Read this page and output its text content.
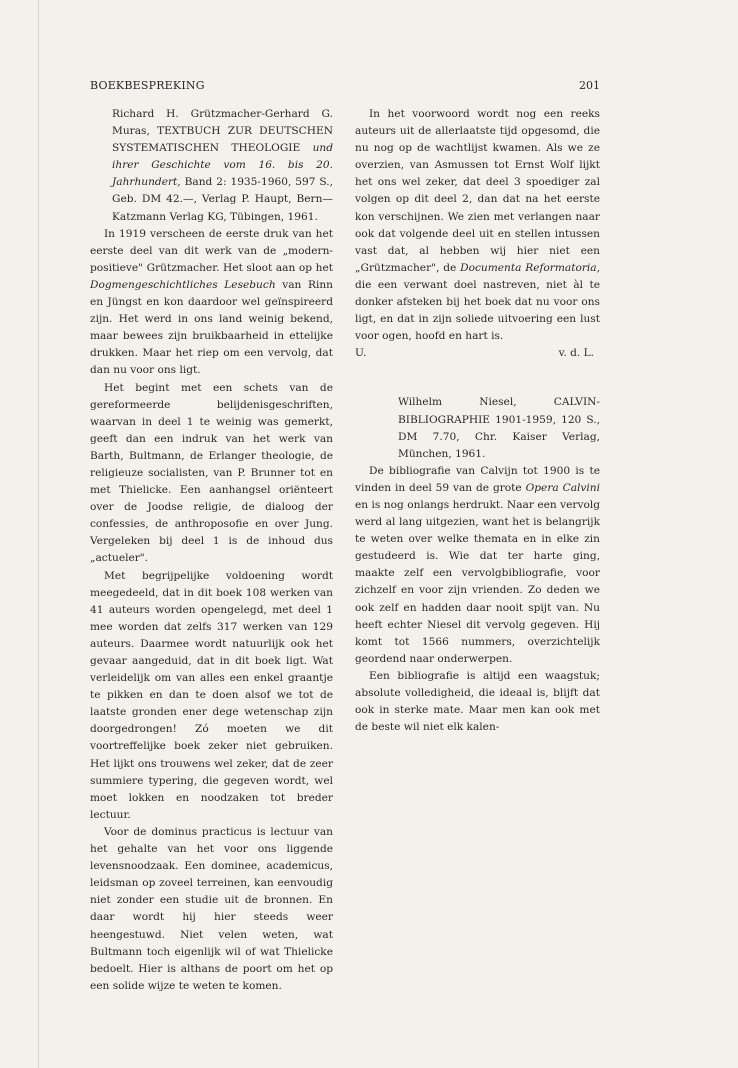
BOEKBESPREKING	201
Richard H. Grützmacher-Gerhard G. Muras, TEXTBUCH ZUR DEUTSCHEN SYSTEMATISCHEN THEOLOGIE und ihrer Geschichte vom 16. bis 20. Jahrhundert, Band 2: 1935-1960, 597 S., Geb. DM 42.—, Verlag P. Haupt, Bern—Katzmann Verlag KG, Tübingen, 1961.

In 1919 verscheen de eerste druk van het eerste deel van dit werk van de „modern-positieve" Grützmacher. Het sloot aan op het Dogmengeschichtliches Lesebuch van Rinn en Jüngst en kon daardoor wel geïnspireerd zijn. Het werd in ons land weinig bekend, maar bewees zijn bruikbaarheid in ettelijke drukken. Maar het riep om een vervolg, dat dan nu voor ons ligt.

Het begint met een schets van de gereformeerde belijdenisgeschriften, waarvan in deel 1 te weinig was gemerkt, geeft dan een indruk van het werk van Barth, Bultmann, de Erlanger theologie, de religieuze socialisten, van P. Brunner tot en met Thielicke. Een aanhangsel oriënteert over de Joodse religie, de dialoog der confessies, de anthroposofie en over Jung. Vergeleken bij deel 1 is de inhoud dus „actueler".

Met begrijpelijke voldoening wordt meegedeeld, dat in dit boek 108 werken van 41 auteurs worden opengelegd, met deel 1 mee worden dat zelfs 317 werken van 129 auteurs. Daarmee wordt natuurlijk ook het gevaar aangeduid, dat in dit boek ligt. Wat verleidelijk om van alles een enkel graantje te pikken en dan te doen alsof we tot de laatste gronden ener dege wetenschap zijn doorgedrongen! Zó moeten we dit voortreffelijke boek zeker niet gebruiken. Het lijkt ons trouwens wel zeker, dat de zeer summiere typering, die gegeven wordt, wel moet lokken en noodzaken tot breder lectuur.

Voor de dominus practicus is lectuur van het gehalte van het voor ons liggende levensnoodzaak. Een dominee, academicus, leidsman op zoveel terreinen, kan eenvoudig niet zonder een studie uit de bronnen. En daar wordt hij hier steeds weer heengestuwd. Niet velen weten, wat Bultmann toch eigenlijk wil of wat Thielicke bedoelt. Hier is althans de poort om het op een solide wijze te weten te komen.

In het voorwoord wordt nog een reeks auteurs uit de allerlaatste tijd opgesomd, die nu nog op de wachtlijst kwamen. Als we ze overzien, van Asmussen tot Ernst Wolf lijkt het ons wel zeker, dat deel 3 spoediger zal volgen op dit deel 2, dan dat na het eerste kon verschijnen. We zien met verlangen naar ook dat volgende deel uit en stellen intussen vast dat, al hebben wij hier niet een „Grützmacher", de Documenta Reformatoria, die een verwant doel nastreven, niet àl te donker afsteken bij het boek dat nu voor ons ligt, en dat in zijn soliede uitvoering een lust voor ogen, hoofd en hart is.

U.	v. d. L.
Wilhelm Niesel, CALVIN-BIBLIOGRAPHIE 1901-1959, 120 S., DM 7.70, Chr. Kaiser Verlag, München, 1961.

De bibliografie van Calvijn tot 1900 is te vinden in deel 59 van de grote Opera Calvini en is nog onlangs herdrukt. Naar een vervolg werd al lang uitgezien, want het is belangrijk te weten over welke themata en in elke zin gestudeerd is. Wie dat ter harte ging, maakte zelf een vervolgbibliografie, voor zichzelf en voor zijn vrienden. Zo deden we ook zelf en hadden daar nooit spijt van. Nu heeft echter Niesel dit vervolg gegeven. Hij komt tot 1566 nummers, overzichtelijk geordend naar onderwerpen.

Een bibliografie is altijd een waagstuk; absolute volledigheid, die ideaal is, blijft dat ook in sterke mate. Maar men kan ook met de beste wil niet elk kalen-
